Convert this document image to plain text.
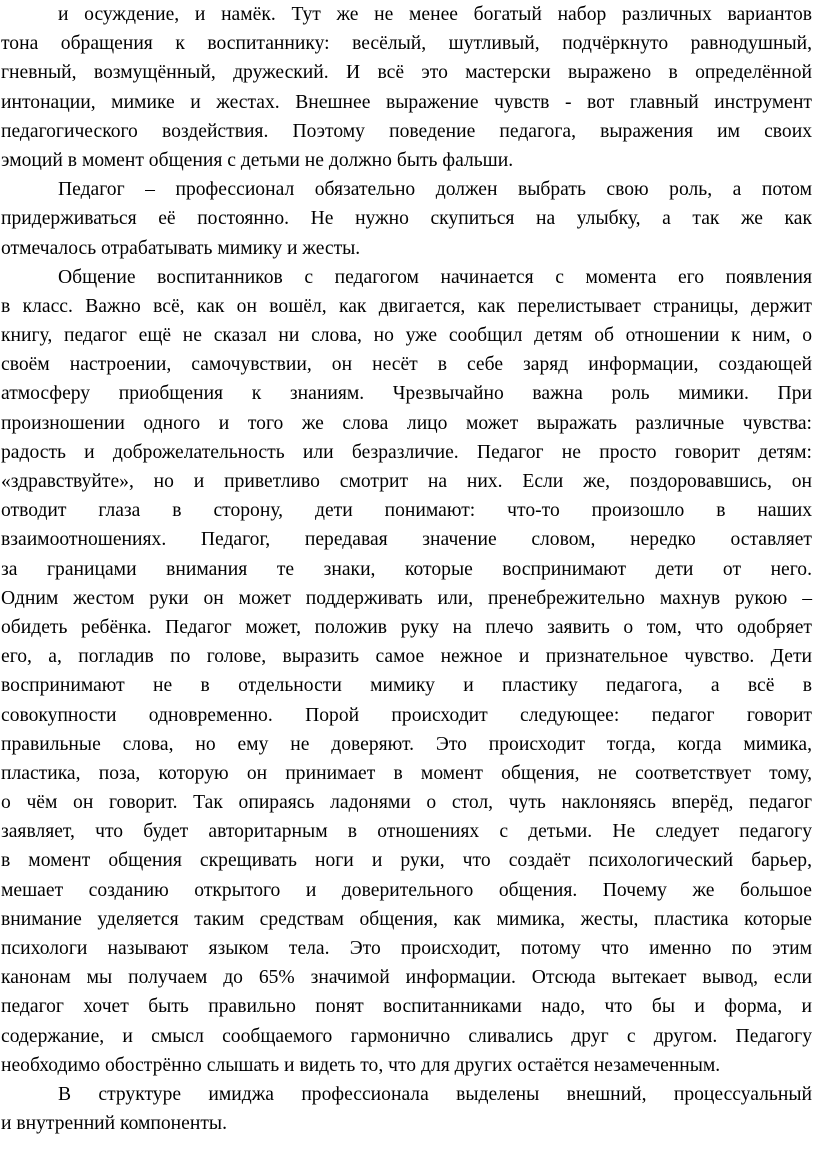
и осуждение, и намёк. Тут же не менее богатый набор различных вариантов
тона обращения к воспитаннику: весёлый, шутливый, подчёркнуто равнодушный,
гневный, возмущённый, дружеский. И всё это мастерски выражено в определённой
интонации, мимике и жестах. Внешнее выражение чувств - вот главный инструмент
педагогического воздействия. Поэтому поведение педагога, выражения им своих
эмоций в момент общения с детьми не должно быть фальши.

Педагог – профессионал обязательно должен выбрать свою роль, а потом
придерживаться её постоянно. Не нужно скупиться на улыбку, а так же как
отмечалось отрабатывать мимику и жесты.

Общение воспитанников с педагогом начинается с момента его появления
в класс. Важно всё, как он вошёл, как двигается, как перелистывает страницы, держит
книгу, педагог ещё не сказал ни слова, но уже сообщил детям об отношении к ним, о
своём настроении, самочувствии, он несёт в себе заряд информации, создающей
атмосферу приобщения к знаниям. Чрезвычайно важна роль мимики. При
произношении одного и того же слова лицо может выражать различные чувства:
радость и доброжелательность или безразличие. Педагог не просто говорит детям:
«здравствуйте», но и приветливо смотрит на них. Если же, поздоровавшись, он
отводит глаза в сторону, дети понимают: что-то произошло в наших
взаимоотношениях. Педагог, передавая значение словом, нередко оставляет
за границами внимания те знаки, которые воспринимают дети от него.
Одним жестом руки он может поддерживать или, пренебрежительно махнув рукою –
обидеть ребёнка. Педагог может, положив руку на плечо заявить о том, что одобряет
его, а, погладив по голове, выразить самое нежное и признательное чувство. Дети
воспринимают не в отдельности мимику и пластику педагога, а всё в
совокупности одновременно. Порой происходит следующее: педагог говорит
правильные слова, но ему не доверяют. Это происходит тогда, когда мимика,
пластика, поза, которую он принимает в момент общения, не соответствует тому,
о чём он говорит. Так опираясь ладонями о стол, чуть наклоняясь вперёд, педагог
заявляет, что будет авторитарным в отношениях с детьми. Не следует педагогу
в момент общения скрещивать ноги и руки, что создаёт психологический барьер,
мешает созданию открытого и доверительного общения. Почему же большое
внимание уделяется таким средствам общения, как мимика, жесты, пластика которые
психологи называют языком тела. Это происходит, потому что именно по этим
канонам мы получаем до 65% значимой информации. Отсюда вытекает вывод, если
педагог хочет быть правильно понят воспитанниками надо, что бы и форма, и
содержание, и смысл сообщаемого гармонично сливались друг с другом. Педагогу
необходимо обострённо слышать и видеть то, что для других остаётся незамеченным.

В структуре имиджа профессионала выделены внешний, процессуальный
и внутренний компоненты.
